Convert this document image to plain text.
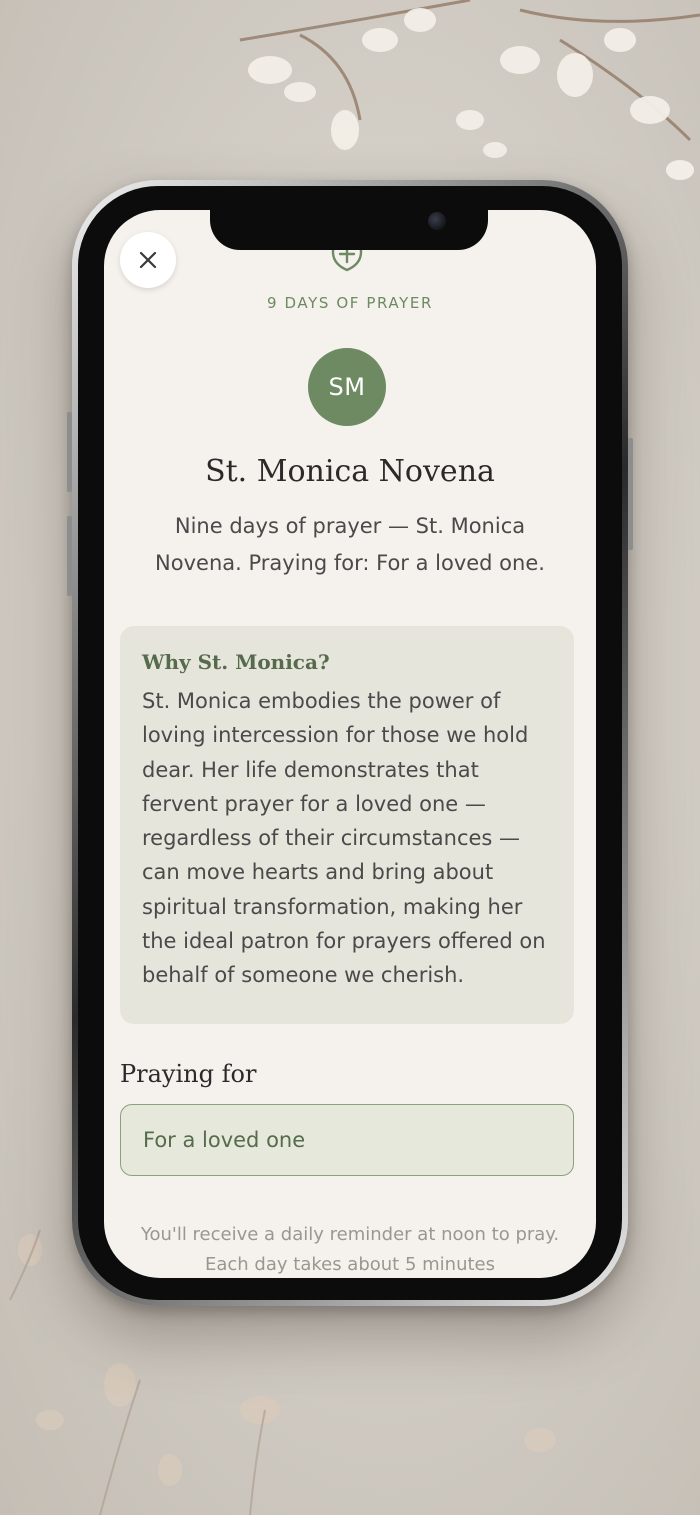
9 DAYS OF PRAYER
SM
St. Monica Novena
Nine days of prayer — St. Monica Novena. Praying for: For a loved one.
Why St. Monica?

St. Monica embodies the power of loving intercession for those we hold dear. Her life demonstrates that fervent prayer for a loved one —regardless of their circumstances —can move hearts and bring about spiritual transformation, making her the ideal patron for prayers offered on behalf of someone we cherish.

Praying for
For a loved one
You'll receive a daily reminder at noon to pray. Each day takes about 5 minutes
